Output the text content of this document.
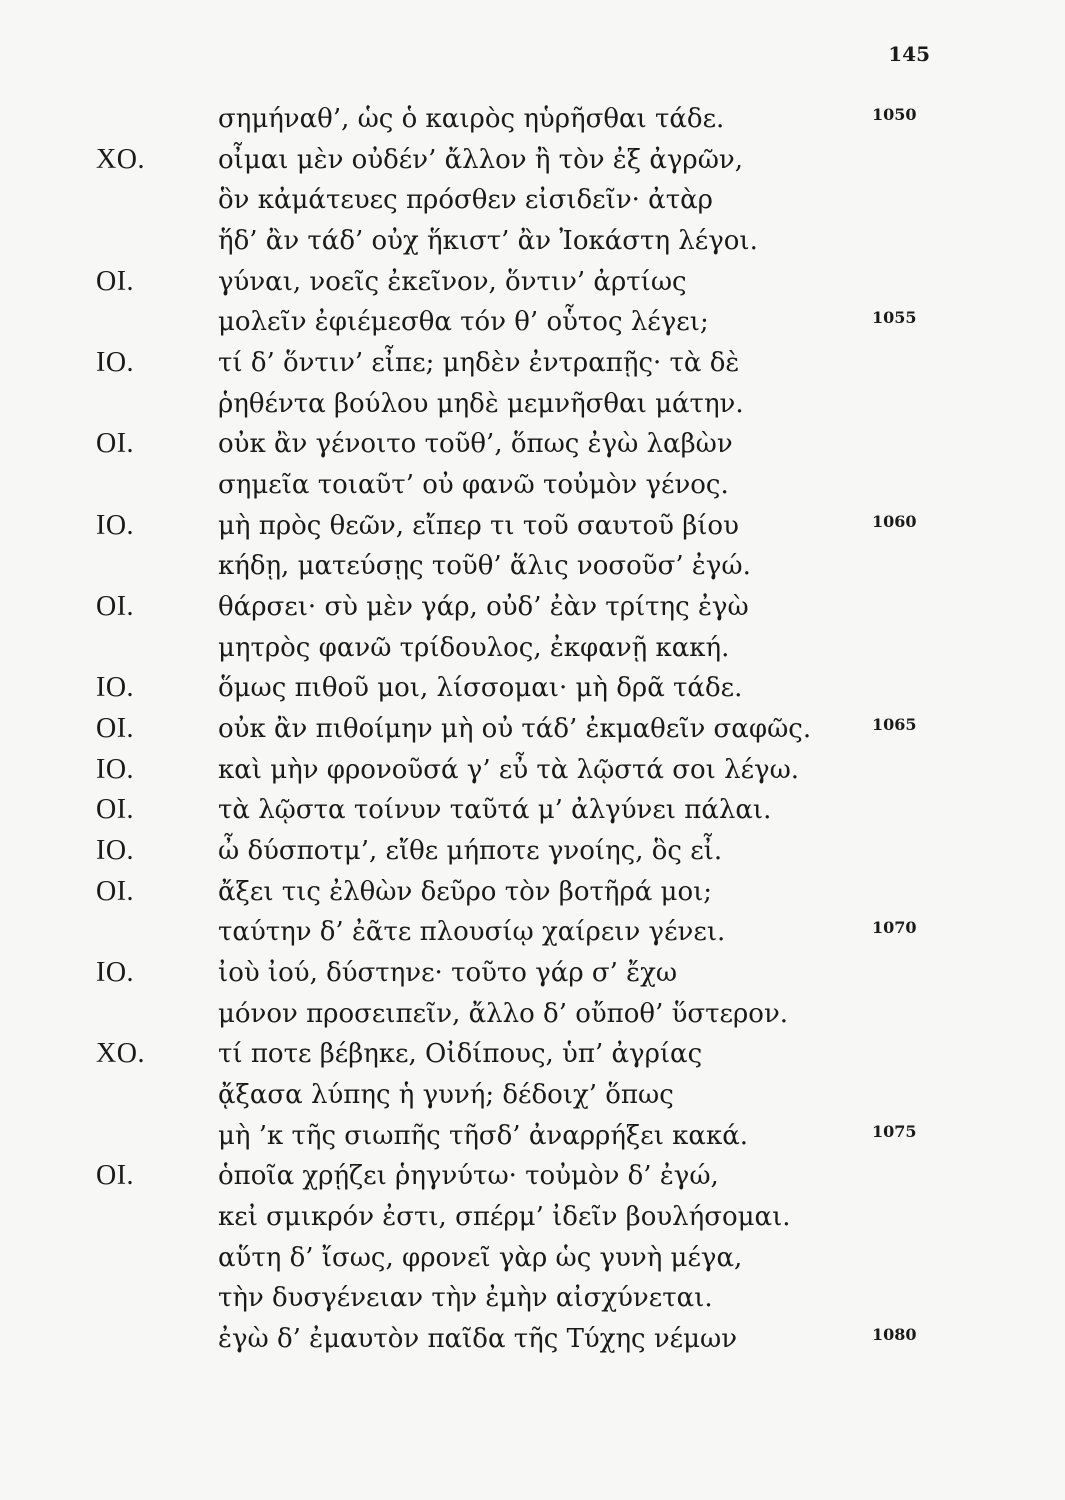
145
σημήναθ’, ὡς ὁ καιρὸς ηὑρῆσθαι τάδε.	1050
ΧΟ.	οἶμαι μὲν οὐδέν’ ἄλλον ἢ τὸν ἐξ ἀγρῶν,
ὃν κἀμάτευες πρόσθεν εἰσιδεῖν· ἀτὰρ
ἥδ’ ἂν τάδ’ οὐχ ἥκιστ’ ἂν Ἰοκάστη λέγοι.
ΟΙ.	γύναι, νοεῖς ἐκεῖνον, ὅντιν’ ἀρτίως
μολεῖν ἐφιέμεσθα τόν θ’ οὗτος λέγει;	1055
ΙΟ.	τί δ’ ὅντιν’ εἶπε; μηδὲν ἐντραπῇς· τὰ δὲ
ῥηθέντα βούλου μηδὲ μεμνῆσθαι μάτην.
ΟΙ.	οὐκ ἂν γένοιτο τοῦθ’, ὅπως ἐγὼ λαβὼν
σημεῖα τοιαῦτ’ οὐ φανῶ τοὐμὸν γένος.
ΙΟ.	μὴ πρὸς θεῶν, εἴπερ τι τοῦ σαυτοῦ βίου	1060
κήδῃ, ματεύσῃς τοῦθ’ ἅλις νοσοῦσ’ ἐγώ.
ΟΙ.	θάρσει· σὺ μὲν γάρ, οὐδ’ ἐὰν τρίτης ἐγὼ
μητρὸς φανῶ τρίδουλος, ἐκφανῇ κακή.
ΙΟ.	ὅμως πιθοῦ μοι, λίσσομαι· μὴ δρᾶ τάδε.
ΟΙ.	οὐκ ἂν πιθοίμην μὴ οὐ τάδ’ ἐκμαθεῖν σαφῶς.	1065
ΙΟ.	καὶ μὴν φρονοῦσά γ’ εὖ τὰ λῷστά σοι λέγω.
ΟΙ.	τὰ λῷστα τοίνυν ταῦτά μ’ ἀλγύνει πάλαι.
ΙΟ.	ὦ δύσποτμ’, εἴθε μήποτε γνοίης, ὃς εἶ.
ΟΙ.	ἄξει τις ἐλθὼν δεῦρο τὸν βοτῆρά μοι;
ταύτην δ’ ἐᾶτε πλουσίῳ χαίρειν γένει.	1070
ΙΟ.	ἰοὺ ἰού, δύστηνε· τοῦτο γάρ σ’ ἔχω
μόνον προσειπεῖν, ἄλλο δ’ οὔποθ’ ὕστερον.
ΧΟ.	τί ποτε βέβηκε, Οἰδίπους, ὑπ’ ἀγρίας
ᾄξασα λύπης ἡ γυνή; δέδοιχ’ ὅπως
μὴ ’κ τῆς σιωπῆς τῆσδ’ ἀναρρήξει κακά.	1075
ΟΙ.	ὁποῖα χρῄζει ῥηγνύτω· τοὐμὸν δ’ ἐγώ,
κεἰ σμικρόν ἐστι, σπέρμ’ ἰδεῖν βουλήσομαι.
αὕτη δ’ ἴσως, φρονεῖ γὰρ ὡς γυνὴ μέγα,
τὴν δυσγένειαν τὴν ἐμὴν αἰσχύνεται.
ἐγὼ δ’ ἐμαυτὸν παῖδα τῆς Τύχης νέμων	1080
